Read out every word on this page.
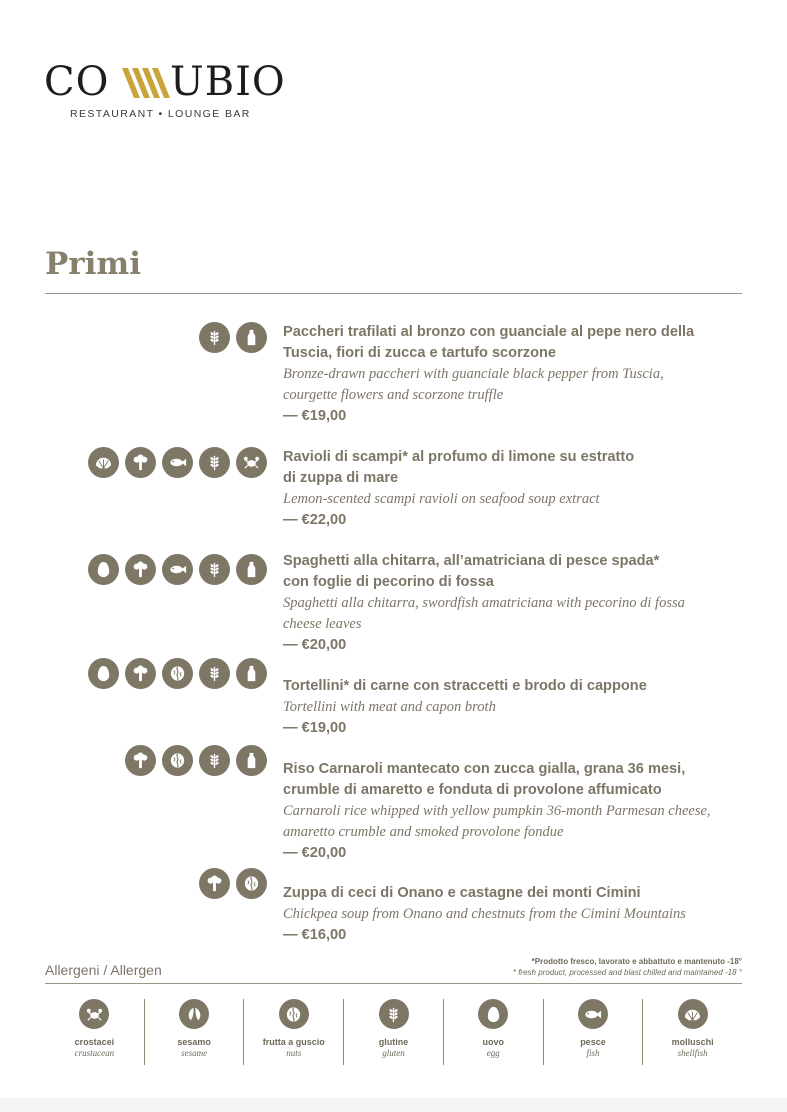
CO UBIO
RESTAURANT • LOUNGE BAR
Primi
Paccheri trafilati al bronzo con guanciale al pepe nero della
Tuscia, fiori di zucca e tartufo scorzone
Bronze-drawn paccheri with guanciale black pepper from Tuscia,
courgette flowers and scorzone truffle
— €19,00
Ravioli di scampi* al profumo di limone su estratto
di zuppa di mare
Lemon-scented scampi ravioli on seafood soup extract
— €22,00
Spaghetti alla chitarra, all’amatriciana di pesce spada*
con foglie di pecorino di fossa
Spaghetti alla chitarra, swordfish amatriciana with pecorino di fossa
cheese leaves
— €20,00
Tortellini* di carne con straccetti e brodo di cappone
Tortellini with meat and capon broth
— €19,00
Riso Carnaroli mantecato con zucca gialla, grana 36 mesi,
crumble di amaretto e fonduta di provolone affumicato
Carnaroli rice whipped with yellow pumpkin 36-month Parmesan cheese,
amaretto crumble and smoked provolone fondue
— €20,00
Zuppa di ceci di Onano e castagne dei monti Cimini
Chickpea soup from Onano and chestnuts from the Cimini Mountains
— €16,00
Allergeni / Allergen
*Prodotto fresco, lavorato e abbattuto e mantenuto -18°
* fresh product, processed and blast chilled and maintained -18 °
crostacei
crustacean
sesamo
sesame
frutta a guscio
nuts
glutine
gluten
uovo
egg
pesce
fish
molluschi
shellfish
